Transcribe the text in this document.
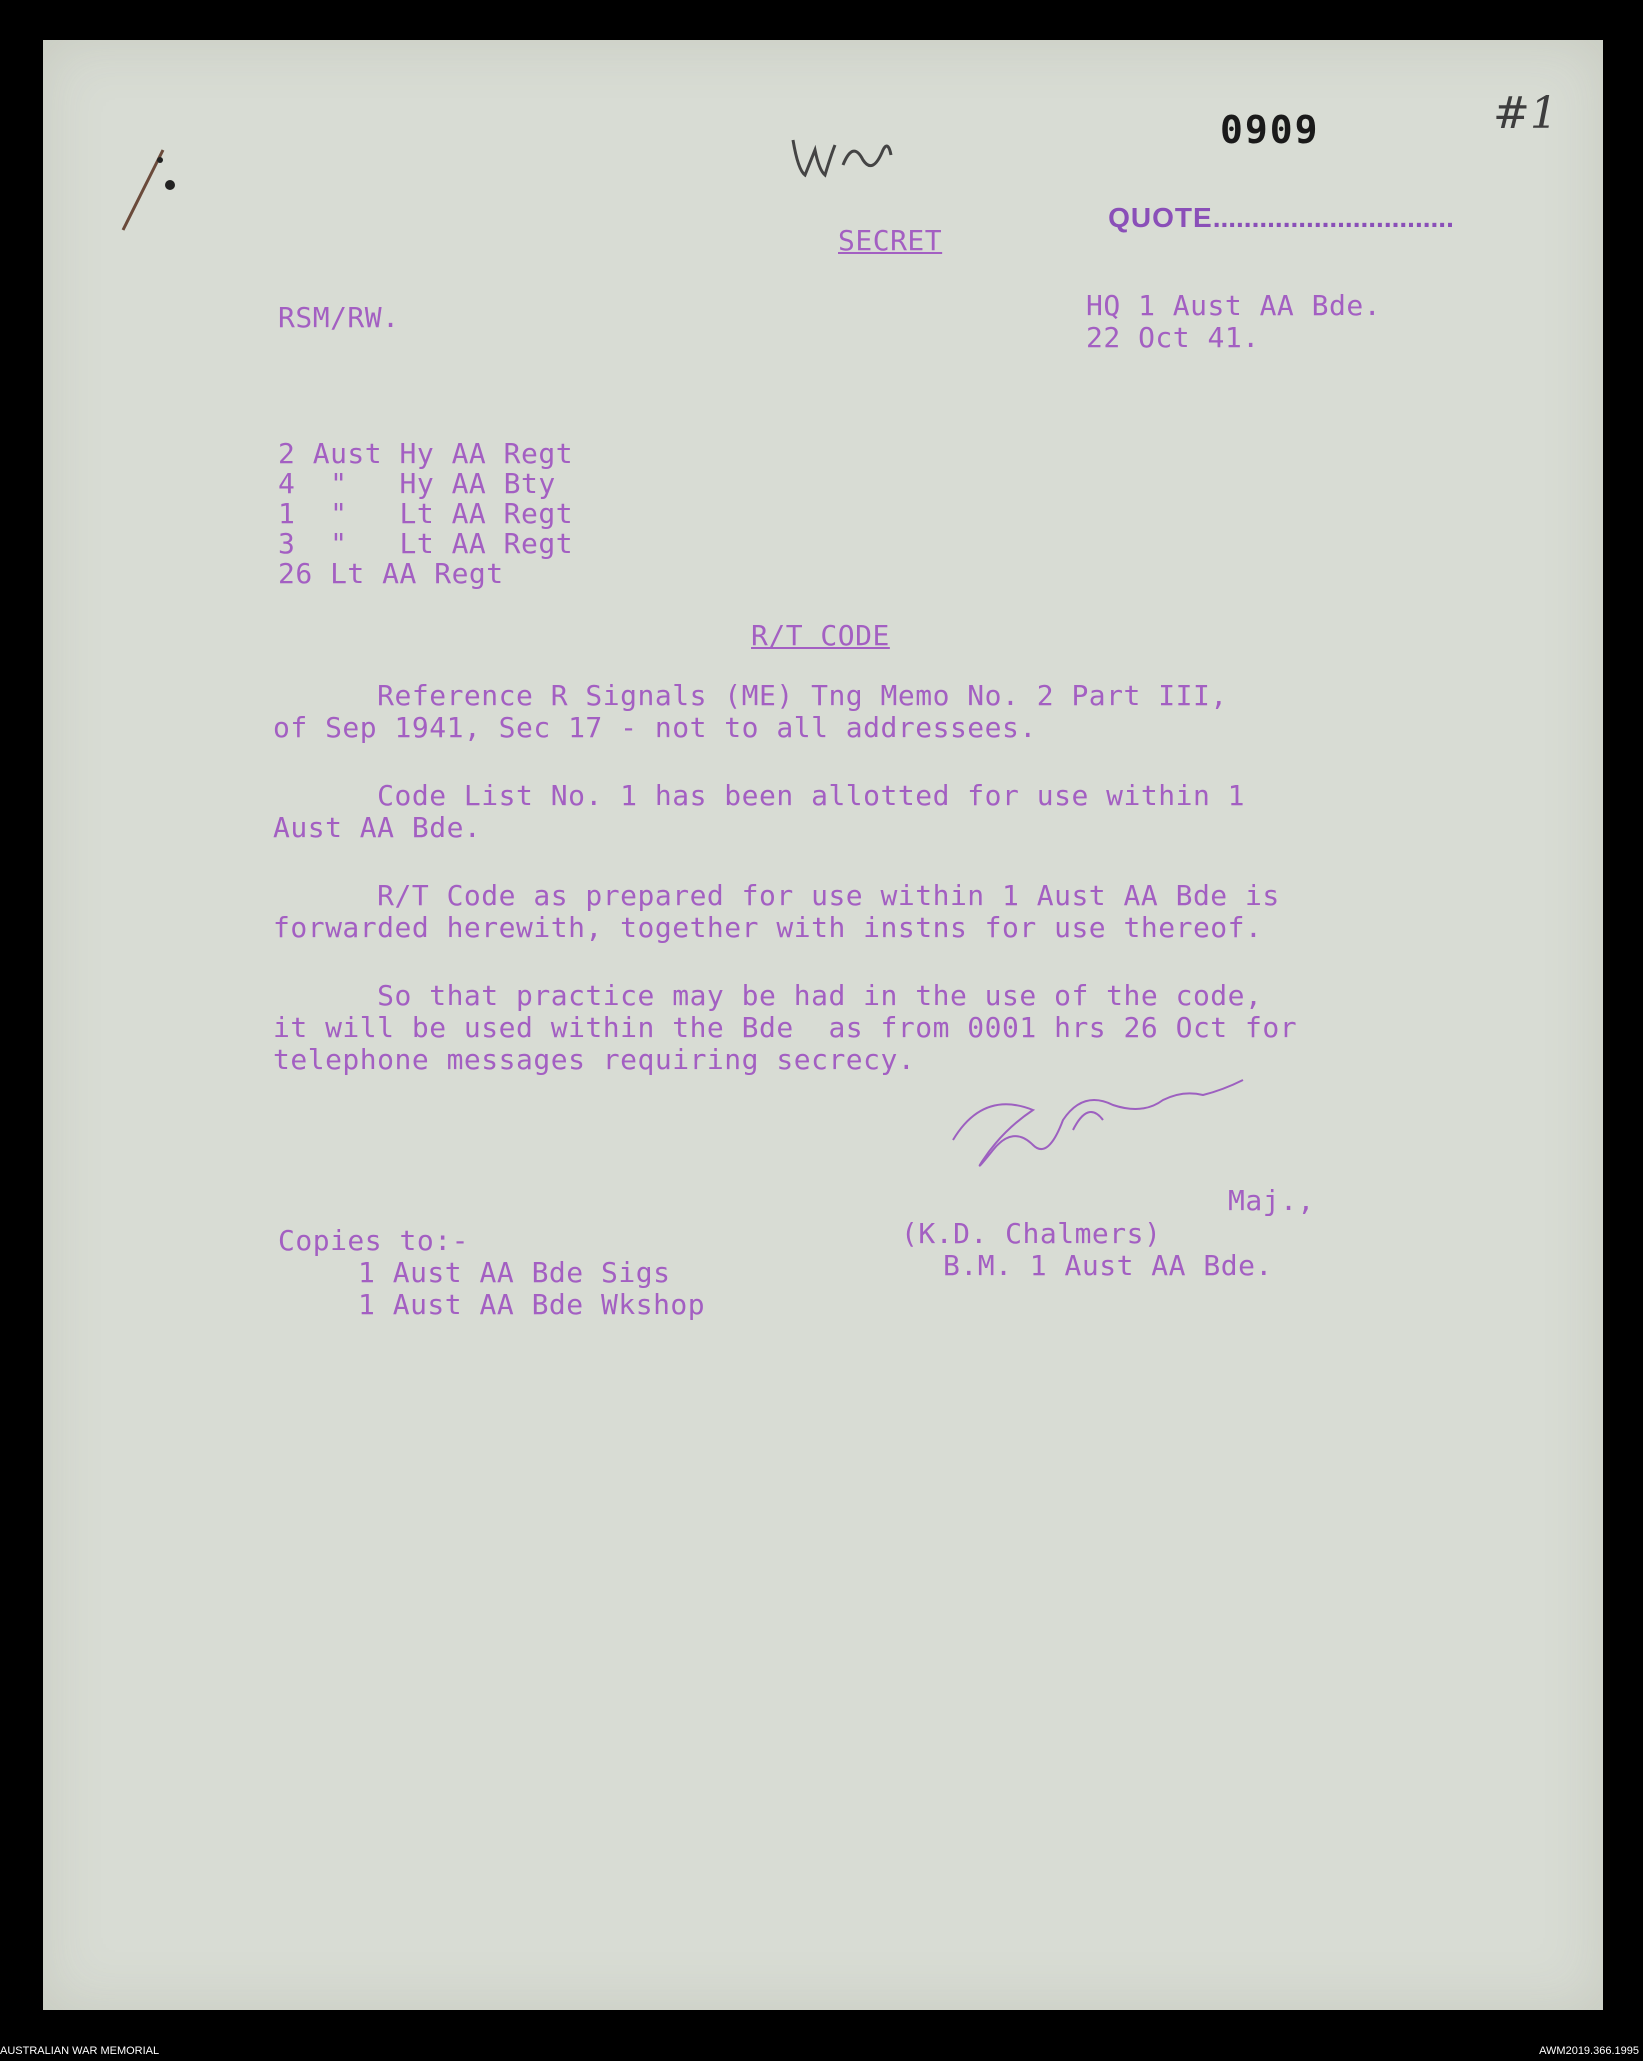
#1
0909

QUOTE...............................

SECRET
RSM/RW.	HQ 1 Aust AA Bde.
22 Oct 41.
2 Aust Hy AA Regt
4  "   Hy AA Bty
1  "   Lt AA Regt
3  "   Lt AA Regt
26 Lt AA Regt
R/T CODE
Reference R Signals (ME) Tng Memo No. 2 Part III,
of Sep 1941, Sec 17 - not to all addressees.
Code List No. 1 has been allotted for use within 1
Aust AA Bde.
R/T Code as prepared for use within 1 Aust AA Bde is
forwarded herewith, together with instns for use thereof.
So that practice may be had in the use of the code,
it will be used within the Bde  as from 0001 hrs 26 Oct for
telephone messages requiring secrecy.
Maj.,
(K.D. Chalmers)
B.M. 1 Aust AA Bde.
Copies to:-
1 Aust AA Bde Sigs
1 Aust AA Bde Wkshop
AUSTRALIAN WAR MEMORIAL	AWM2019.366.1995
